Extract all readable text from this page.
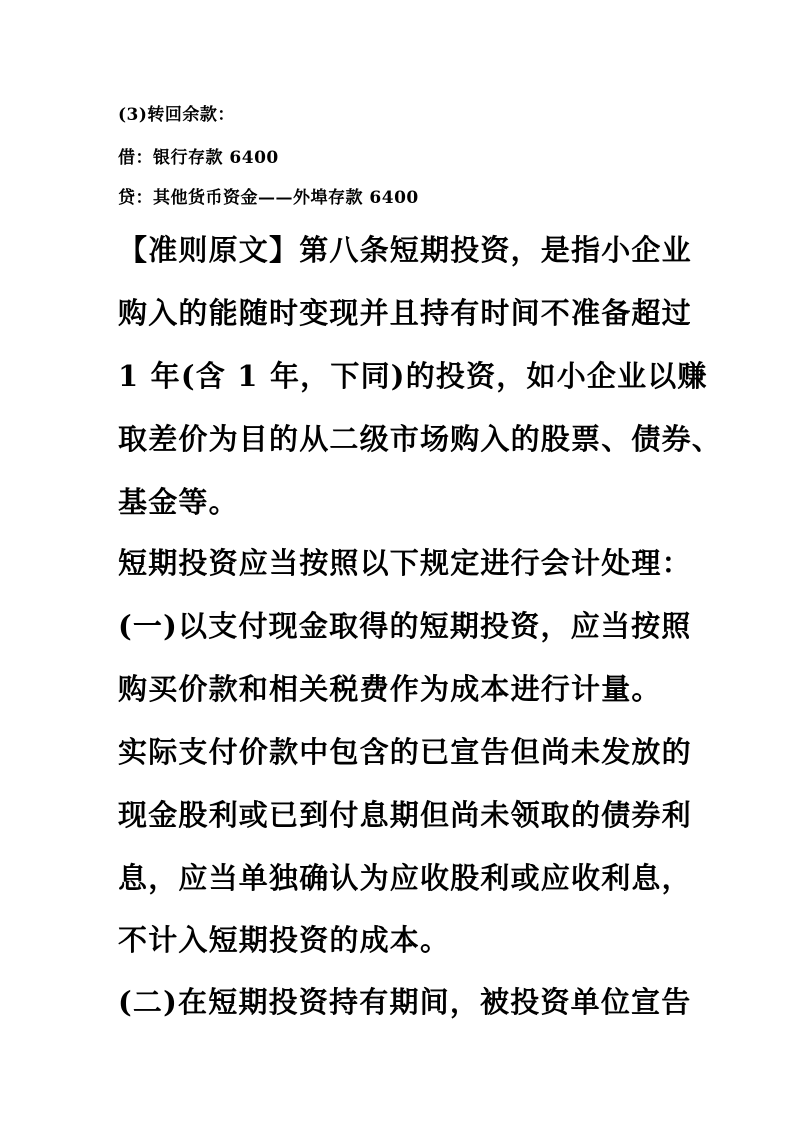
(3)转回余款：
借：银行存款 6400
贷：其他货币资金——外埠存款 6400
【准则原文】第八条短期投资，是指小企业
购入的能随时变现并且持有时间不准备超过
1 年(含 1 年，下同)的投资，如小企业以赚
取差价为目的从二级市场购入的股票、债券、
基金等。
短期投资应当按照以下规定进行会计处理：
(一)以支付现金取得的短期投资，应当按照
购买价款和相关税费作为成本进行计量。
实际支付价款中包含的已宣告但尚未发放的
现金股利或已到付息期但尚未领取的债券利
息，应当单独确认为应收股利或应收利息，
不计入短期投资的成本。
(二)在短期投资持有期间，被投资单位宣告
